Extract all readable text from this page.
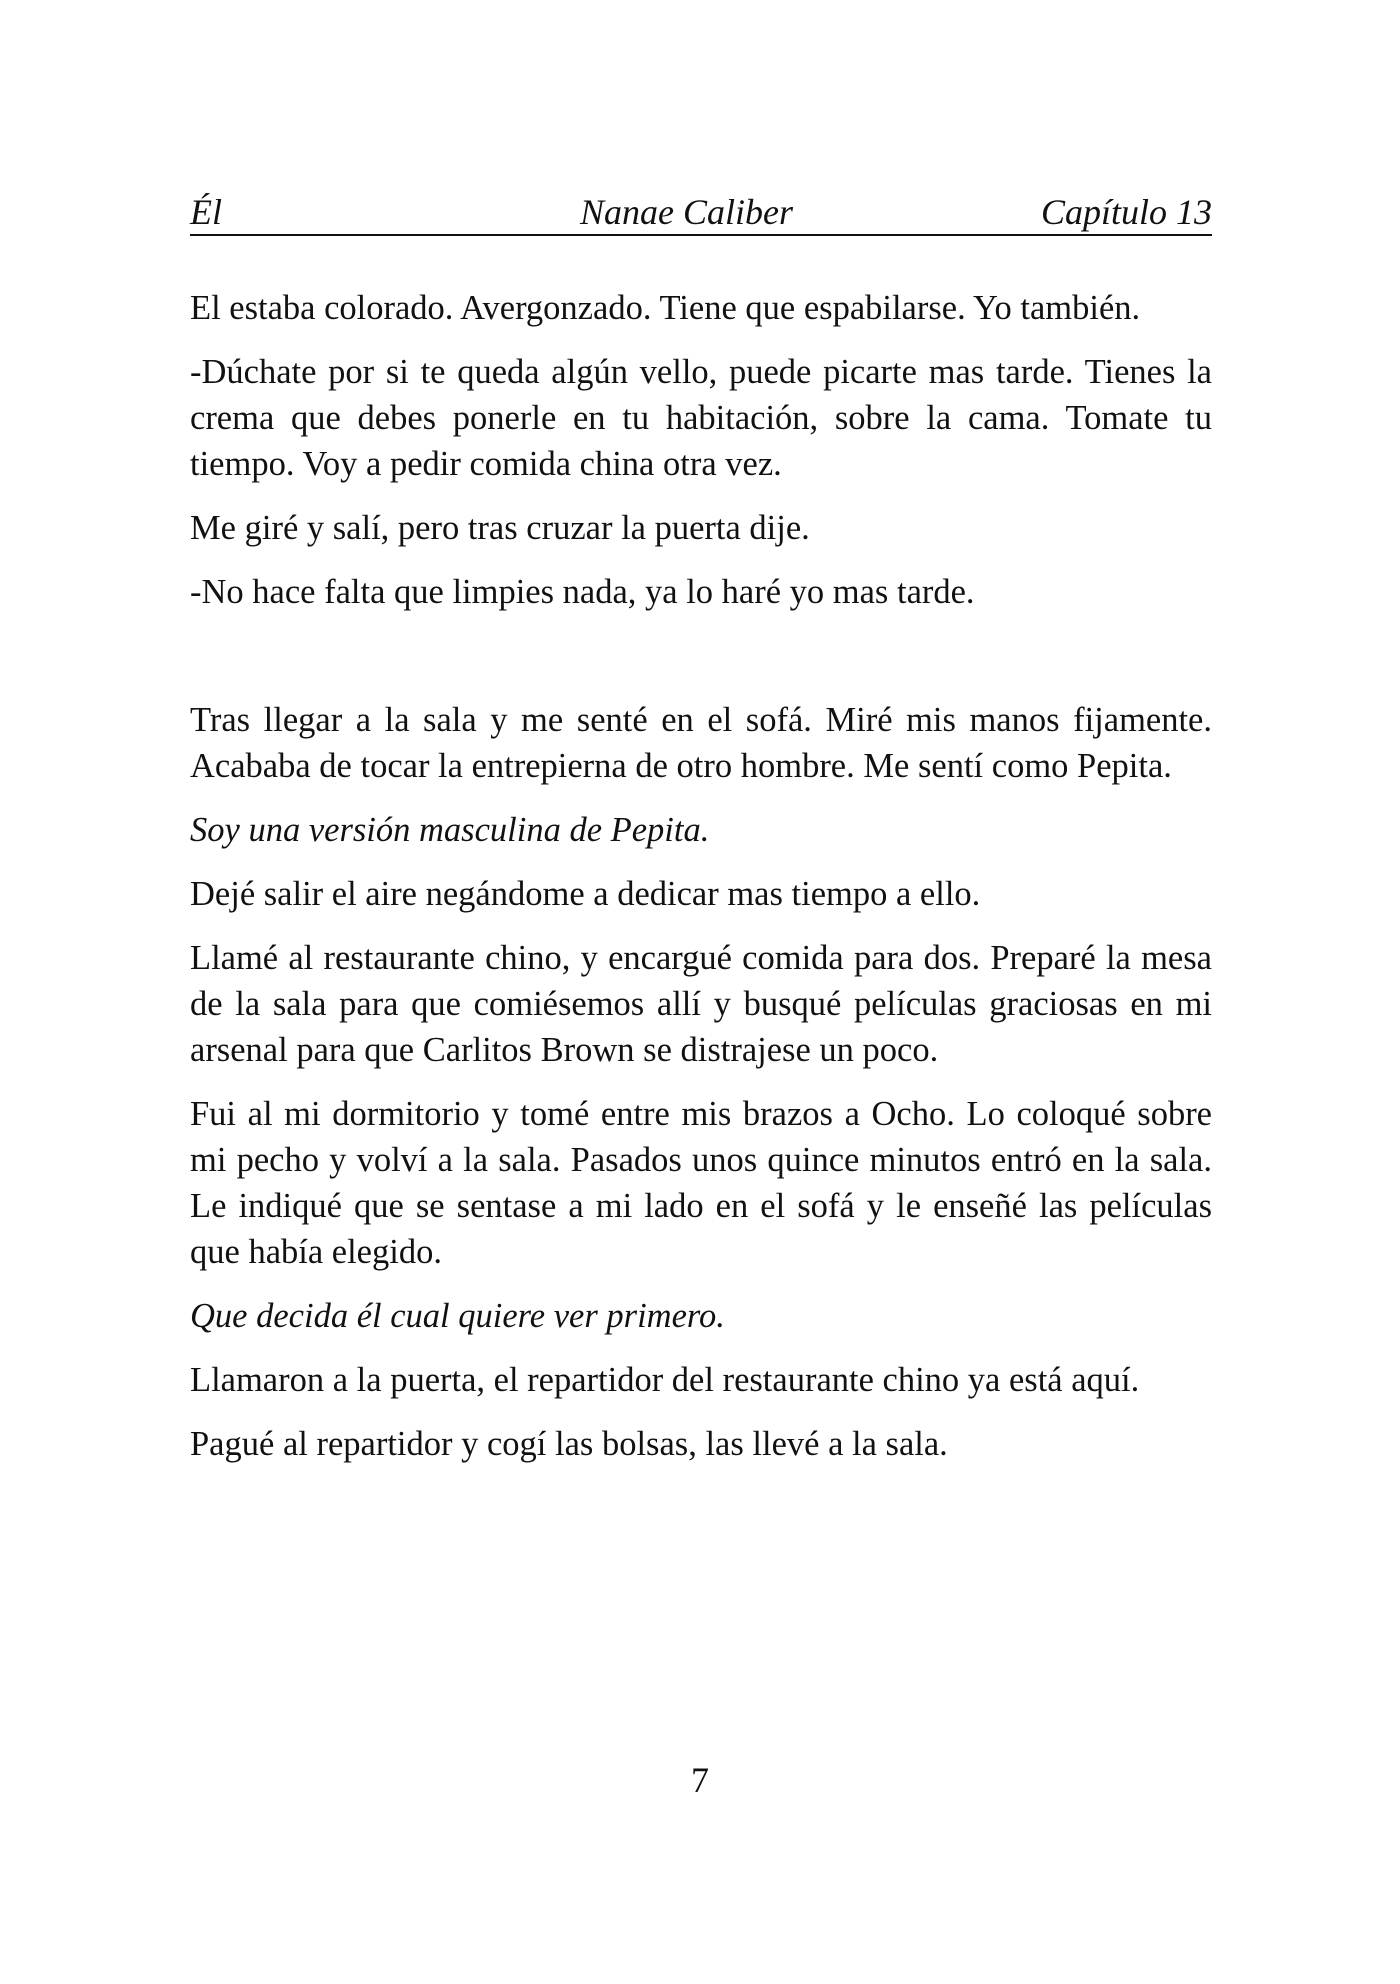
Él	Nanae Caliber	Capítulo 13

El estaba colorado. Avergonzado. Tiene que espabilarse. Yo también.

-Dúchate por si te queda algún vello, puede picarte mas tarde. Tienes la crema que debes ponerle en tu habitación, sobre la cama. Tomate tu tiempo. Voy a pedir comida china otra vez.

Me giré y salí, pero tras cruzar la puerta dije.

-No hace falta que limpies nada, ya lo haré yo mas tarde.

Tras llegar a la sala y me senté en el sofá. Miré mis manos fijamente. Acababa de tocar la entrepierna de otro hombre. Me sentí como Pepita.

Soy una versión masculina de Pepita.

Dejé salir el aire negándome a dedicar mas tiempo a ello.

Llamé al restaurante chino, y encargué comida para dos. Preparé la mesa de la sala para que comiésemos allí y busqué películas graciosas en mi arsenal para que Carlitos Brown se distrajese un poco.

Fui al mi dormitorio y tomé entre mis brazos a Ocho. Lo coloqué sobre mi pecho y volví a la sala. Pasados unos quince minutos entró en la sala. Le indiqué que se sentase a mi lado en el sofá y le enseñé las películas que había elegido.

Que decida él cual quiere ver primero.

Llamaron a la puerta, el repartidor del restaurante chino ya está aquí.

Pagué al repartidor y cogí las bolsas, las llevé a la sala.

7
